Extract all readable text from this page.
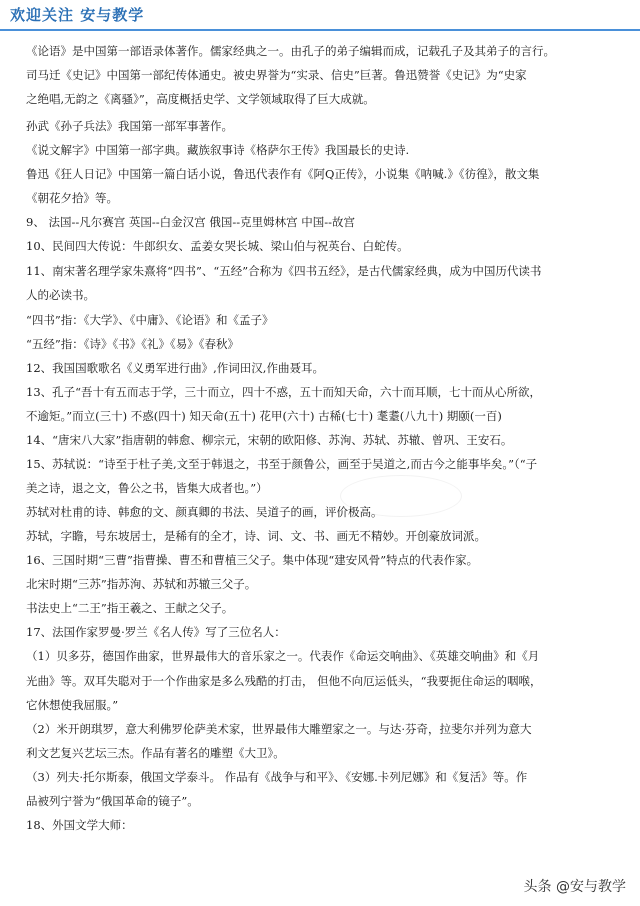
欢迎关注 安与教学
《论语》是中国第一部语录体著作。儒家经典之一。由孔子的弟子编辑而成，记载孔子及其弟子的言行。
司马迁《史记》中国第一部纪传体通史。被史界誉为“实录、信史”巨著。鲁迅赞誉《史记》为“史家
之绝唱,无韵之《离骚》”，高度概括史学、文学领域取得了巨大成就。
孙武《孙子兵法》我国第一部军事著作。
《说文解字》中国第一部字典。藏族叙事诗《格萨尔王传》我国最长的史诗.
鲁迅《狂人日记》中国第一篇白话小说，鲁迅代表作有《阿Q正传》，小说集《呐喊.》《彷徨》，散文集
《朝花夕拾》等。
9、 法国--凡尔赛宫 英国--白金汉宫 俄国--克里姆林宫 中国--故宫
10、民间四大传说：牛郎织女、孟姜女哭长城、梁山伯与祝英台、白蛇传。
11、南宋著名理学家朱熹将“四书”、“五经”合称为《四书五经》，是古代儒家经典，成为中国历代读书
人的必读书。
“四书”指：《大学》、《中庸》、《论语》和《孟子》
“五经”指：《诗》《书》《礼》《易》《春秋》
12、我国国歌歌名《义勇军进行曲》,作词田汉,作曲聂耳。
13、孔子“吾十有五而志于学，三十而立，四十不惑，五十而知天命，六十而耳顺，七十而从心所欲，
不逾矩。”而立(三十) 不惑(四十) 知天命(五十) 花甲(六十) 古稀(七十) 耄耋(八九十) 期颐(一百)
14、“唐宋八大家”指唐朝的韩愈、柳宗元，宋朝的欧阳修、苏洵、苏轼、苏辙、曾巩、王安石。
15、苏轼说：“诗至于杜子美,文至于韩退之，书至于颜鲁公，画至于吴道之,而古今之能事毕矣。”（“子
美之诗，退之文，鲁公之书，皆集大成者也。”）
苏轼对杜甫的诗、韩愈的文、颜真卿的书法、吴道子的画，评价极高。
苏轼，字瞻，号东坡居士，是稀有的全才，诗、词、文、书、画无不精妙。开创豪放词派。
16、三国时期“三曹”指曹操、曹丕和曹植三父子。集中体现“建安风骨”特点的代表作家。
北宋时期“三苏”指苏洵、苏轼和苏辙三父子。
书法史上“二王”指王羲之、王献之父子。
17、法国作家罗曼·罗兰《名人传》写了三位名人：
（1）贝多芬，德国作曲家，世界最伟大的音乐家之一。代表作《命运交响曲》、《英雄交响曲》和《月
光曲》等。双耳失聪对于一个作曲家是多么残酷的打击， 但他不向厄运低头，“我要扼住命运的咽喉，
它休想使我屈服。”
（2）米开朗琪罗，意大利佛罗伦萨美术家，世界最伟大雕塑家之一。与达·芬奇，拉斐尔并列为意大
利文艺复兴艺坛三杰。作品有著名的雕塑《大卫》。
（3）列夫·托尔斯泰，俄国文学泰斗。 作品有《战争与和平》、《安娜.卡列尼娜》和《复活》等。作
品被列宁誉为“俄国革命的镜子”。
18、外国文学大师：
头条 @安与教学
